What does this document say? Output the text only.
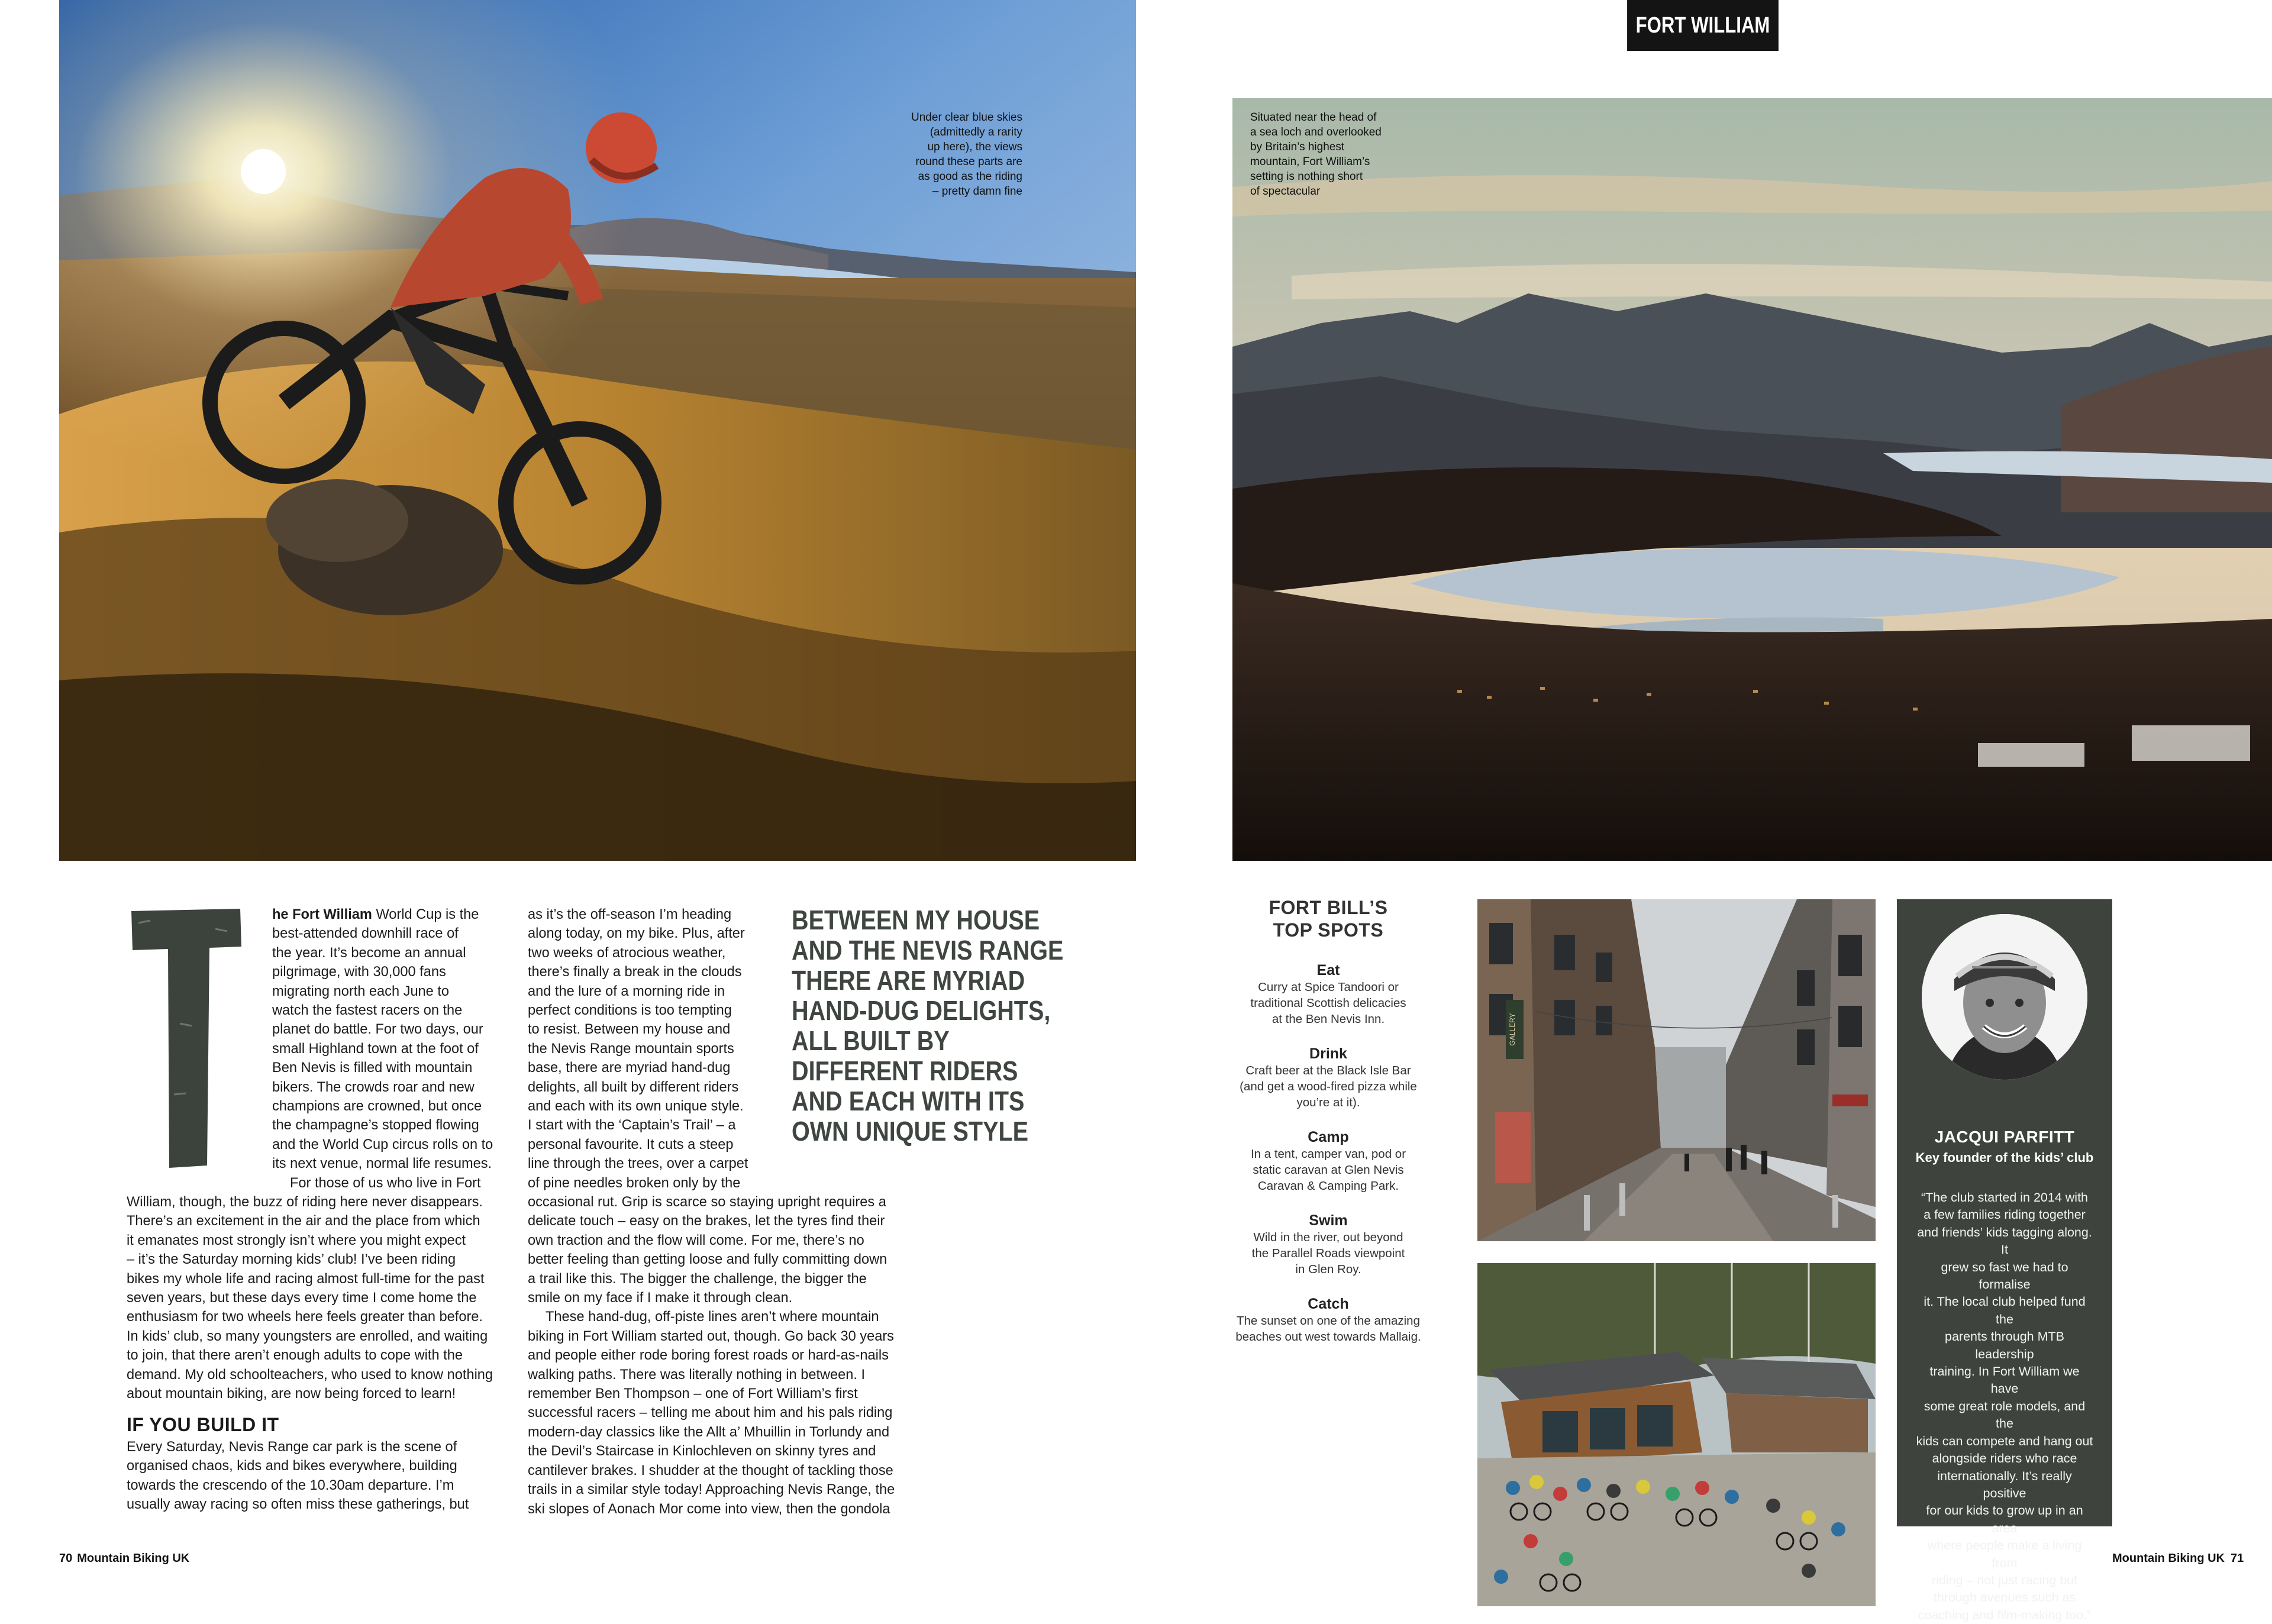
Under clear blue skies
(admittedly a rarity
up here), the views
round these parts are
as good as the riding
– pretty damn fine
FORT WILLIAM
Situated near the head of
a sea loch and overlooked
by Britain’s highest
mountain, Fort William’s
setting is nothing short
of spectacular
he Fort William World Cup is the
best-attended downhill race of
the year. It’s become an annual
pilgrimage, with 30,000 fans
migrating north each June to
watch the fastest racers on the
planet do battle. For two days, our
small Highland town at the foot of
Ben Nevis is filled with mountain
bikers. The crowds roar and new
champions are crowned, but once
the champagne’s stopped flowing
and the World Cup circus rolls on to
its next venue, normal life resumes.
For those of us who live in Fort
William, though, the buzz of riding here never disappears.
There’s an excitement in the air and the place from which
it emanates most strongly isn’t where you might expect
– it’s the Saturday morning kids’ club! I’ve been riding
bikes my whole life and racing almost full-time for the past
seven years, but these days every time I come home the
enthusiasm for two wheels here feels greater than before.
In kids’ club, so many youngsters are enrolled, and waiting
to join, that there aren’t enough adults to cope with the
demand. My old schoolteachers, who used to know nothing
about mountain biking, are now being forced to learn!
IF YOU BUILD IT
Every Saturday, Nevis Range car park is the scene of
organised chaos, kids and bikes everywhere, building
towards the crescendo of the 10.30am departure. I’m
usually away racing so often miss these gatherings, but
as it’s the off-season I’m heading
along today, on my bike. Plus, after
two weeks of atrocious weather,
there’s finally a break in the clouds
and the lure of a morning ride in
perfect conditions is too tempting
to resist. Between my house and
the Nevis Range mountain sports
base, there are myriad hand-dug
delights, all built by different riders
and each with its own unique style.
I start with the ‘Captain’s Trail’ – a
personal favourite. It cuts a steep
line through the trees, over a carpet
of pine needles broken only by the
occasional rut. Grip is scarce so staying upright requires a
delicate touch – easy on the brakes, let the tyres find their
own traction and the flow will come. For me, there’s no
better feeling than getting loose and fully committing down
a trail like this. The bigger the challenge, the bigger the
smile on my face if I make it through clean.
These hand-dug, off-piste lines aren’t where mountain
biking in Fort William started out, though. Go back 30 years
and people either rode boring forest roads or hard-as-nails
walking paths. There was literally nothing in between. I
remember Ben Thompson – one of Fort William’s first
successful racers – telling me about him and his pals riding
modern-day classics like the Allt a’ Mhuillin in Torlundy and
the Devil’s Staircase in Kinlochleven on skinny tyres and
cantilever brakes. I shudder at the thought of tackling those
trails in a similar style today! Approaching Nevis Range, the
ski slopes of Aonach Mor come into view, then the gondola
BETWEEN MY HOUSE
AND THE NEVIS RANGE
THERE ARE MYRIAD
HAND-DUG DELIGHTS,
ALL BUILT BY
DIFFERENT RIDERS
AND EACH WITH ITS
OWN UNIQUE STYLE
FORT BILL’S
TOP SPOTS
Eat
Curry at Spice Tandoori or
traditional Scottish delicacies
at the Ben Nevis Inn.
Drink
Craft beer at the Black Isle Bar
(and get a wood-fired pizza while
you’re at it).
Camp
In a tent, camper van, pod or
static caravan at Glen Nevis
Caravan & Camping Park.
Swim
Wild in the river, out beyond
the Parallel Roads viewpoint
in Glen Roy.
Catch
The sunset on one of the amazing
beaches out west towards Mallaig.
GALLERY
JACQUI PARFITT
Key founder of the kids’ club
“The club started in 2014 with
a few families riding together
and friends’ kids tagging along. It
grew so fast we had to formalise
it. The local club helped fund the
parents through MTB leadership
training. In Fort William we have
some great role models, and the
kids can compete and hang out
alongside riders who race
internationally. It’s really positive
for our kids to grow up in an area
where people make a living from
riding – not just racing but
through avenues such as
coaching and film-making too.”
70 Mountain Biking UK	Mountain Biking UK 71
